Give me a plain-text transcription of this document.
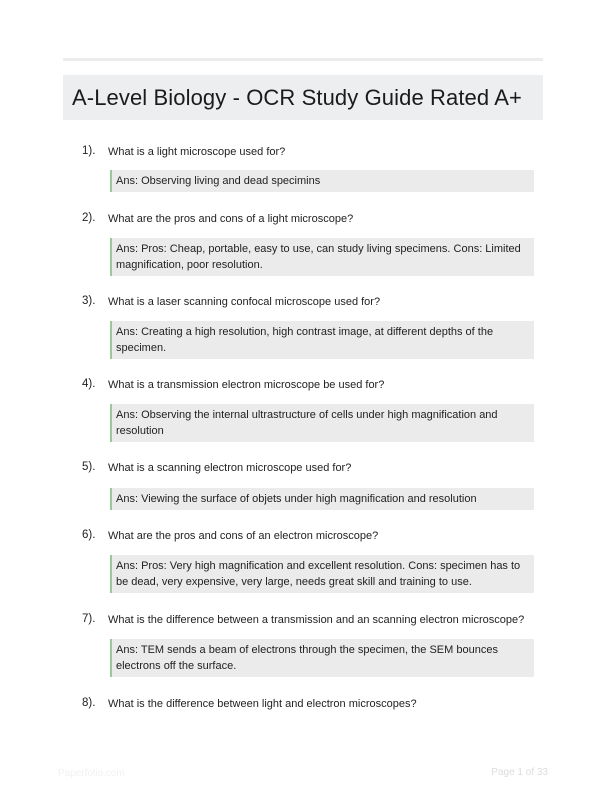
A-Level Biology - OCR Study Guide Rated A+
1). What is a light microscope used for?
Ans: Observing living and dead specimins
2). What are the pros and cons of a light microscope?
Ans: Pros: Cheap, portable, easy to use, can study living specimens. Cons: Limited magnification, poor resolution.
3). What is a laser scanning confocal microscope used for?
Ans: Creating a high resolution, high contrast image, at different depths of the specimen.
4). What is a transmission electron microscope be used for?
Ans: Observing the internal ultrastructure of cells under high magnification and resolution
5). What is a scanning electron microscope used for?
Ans: Viewing the surface of objets under high magnification and resolution
6). What are the pros and cons of an electron microscope?
Ans: Pros: Very high magnification and excellent resolution. Cons: specimen has to be dead, very expensive, very large, needs great skill and training to use.
7). What is the difference between a transmission and an scanning electron microscope?
Ans: TEM sends a beam of electrons through the specimen, the SEM bounces electrons off the surface.
8). What is the difference between light and electron microscopes?
Paperfolio.com	Page 1 of 33
